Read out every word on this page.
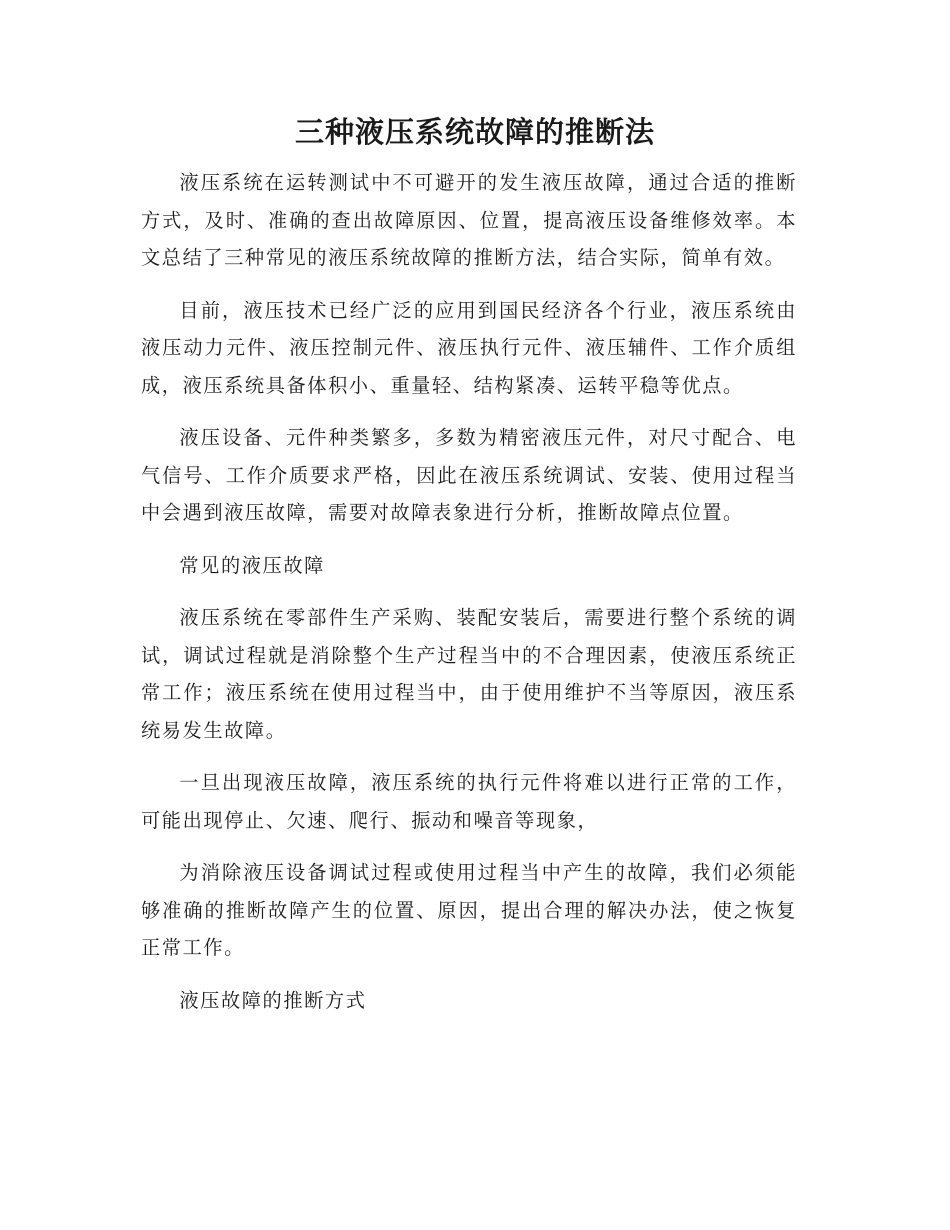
三种液压系统故障的推断法

液压系统在运转测试中不可避开的发生液压故障，通过合适的推断方式，及时、准确的查出故障原因、位置，提高液压设备维修效率。本文总结了三种常见的液压系统故障的推断方法，结合实际，简单有效。

目前，液压技术已经广泛的应用到国民经济各个行业，液压系统由液压动力元件、液压控制元件、液压执行元件、液压辅件、工作介质组成，液压系统具备体积小、重量轻、结构紧凑、运转平稳等优点。

液压设备、元件种类繁多，多数为精密液压元件，对尺寸配合、电气信号、工作介质要求严格，因此在液压系统调试、安装、使用过程当中会遇到液压故障，需要对故障表象进行分析，推断故障点位置。

常见的液压故障

液压系统在零部件生产采购、装配安装后，需要进行整个系统的调试，调试过程就是消除整个生产过程当中的不合理因素，使液压系统正常工作；液压系统在使用过程当中，由于使用维护不当等原因，液压系统易发生故障。

一旦出现液压故障，液压系统的执行元件将难以进行正常的工作，可能出现停止、欠速、爬行、振动和噪音等现象，

为消除液压设备调试过程或使用过程当中产生的故障，我们必须能够准确的推断故障产生的位置、原因，提出合理的解决办法，使之恢复正常工作。

液压故障的推断方式
